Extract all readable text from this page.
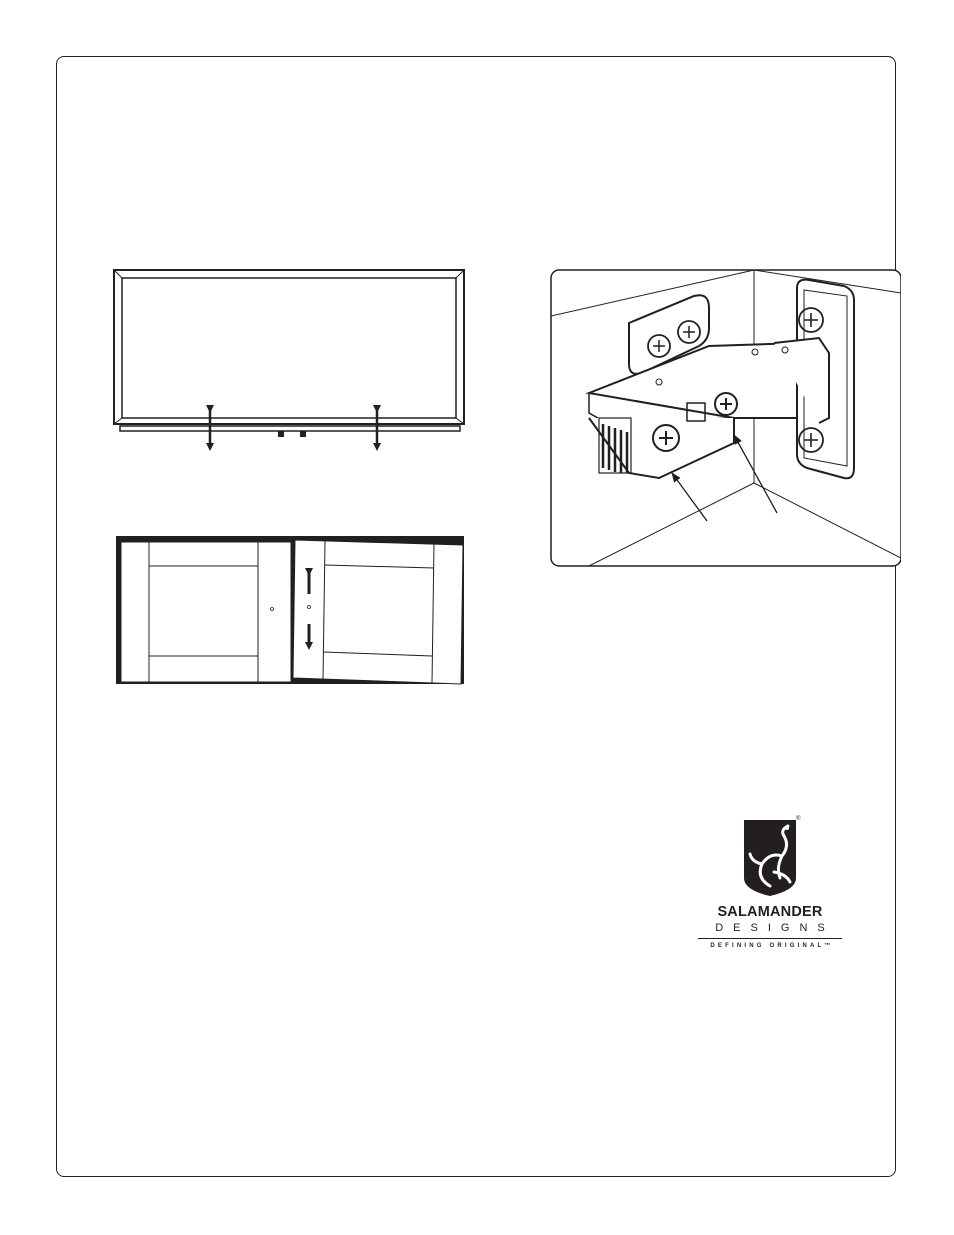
®
SALAMANDER
DESIGNS
DEFINING ORIGINAL™
